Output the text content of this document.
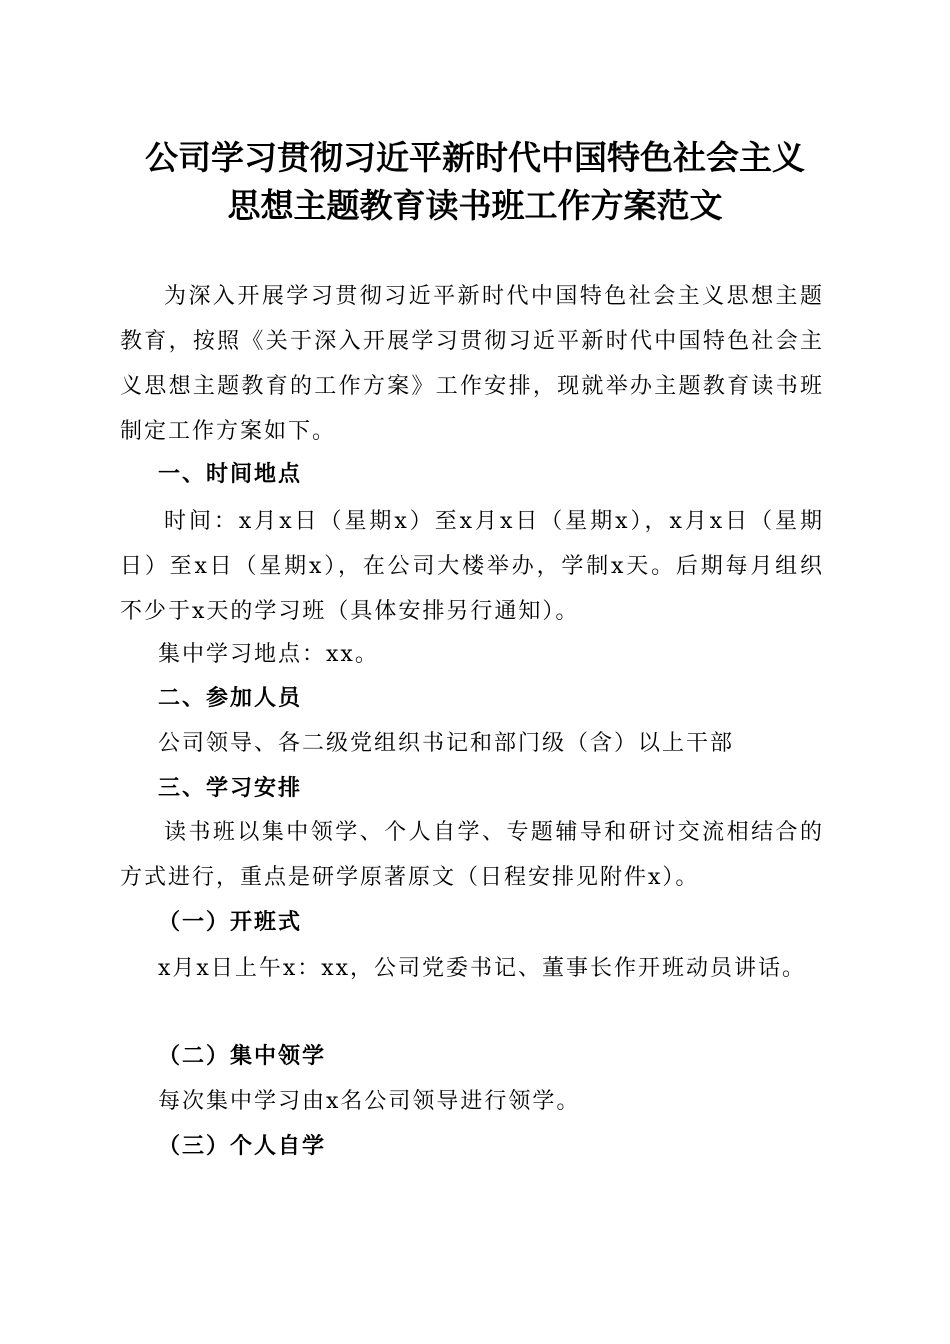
公司学习贯彻习近平新时代中国特色社会主义
思想主题教育读书班工作方案范文

为深入开展学习贯彻习近平新时代中国特色社会主义思想主题教育，按照《关于深入开展学习贯彻习近平新时代中国特色社会主义思想主题教育的工作方案》工作安排，现就举办主题教育读书班制定工作方案如下。

一、时间地点

时间：x月x日（星期x）至x月x日（星期x），x月x日（星期日）至x日（星期x），在公司大楼举办，学制x天。后期每月组织不少于x天的学习班（具体安排另行通知）。

集中学习地点：xx。

二、参加人员

公司领导、各二级党组织书记和部门级（含）以上干部

三、学习安排

读书班以集中领学、个人自学、专题辅导和研讨交流相结合的方式进行，重点是研学原著原文（日程安排见附件x）。

（一）开班式

x月x日上午x：xx，公司党委书记、董事长作开班动员讲话。

（二）集中领学

每次集中学习由x名公司领导进行领学。

（三）个人自学
